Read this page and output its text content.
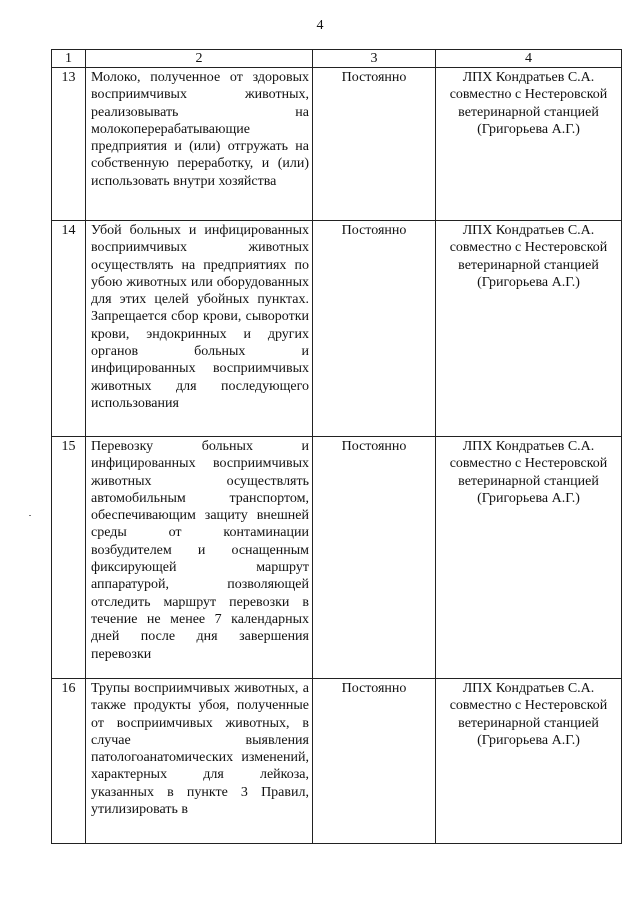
4
1	2	3	4
13	Молоко, полученное от здоровых восприимчивых животных, реализовывать на молокоперерабатывающие предприятия и (или) отгружать на собственную переработку, и (или) использовать внутри хозяйства	Постоянно	ЛПХ Кондратьев С.А. совместно с Нестеровской ветеринарной станцией (Григорьева А.Г.)
14	Убой больных и инфицированных восприимчивых животных осуществлять на предприятиях по убою животных или оборудованных для этих целей убойных пунктах. Запрещается сбор крови, сыворотки крови, эндокринных и других органов больных и инфицированных восприимчивых животных для последующего использования	Постоянно	ЛПХ Кондратьев С.А. совместно с Нестеровской ветеринарной станцией (Григорьева А.Г.)
15	Перевозку больных и инфицированных восприимчивых животных осуществлять автомобильным транспортом, обеспечивающим защиту внешней среды от контаминации возбудителем и оснащенным фиксирующей маршрут аппаратурой, позволяющей отследить маршрут перевозки в течение не менее 7 календарных дней после дня завершения перевозки	Постоянно	ЛПХ Кондратьев С.А. совместно с Нестеровской ветеринарной станцией (Григорьева А.Г.)
16	Трупы восприимчивых животных, а также продукты убоя, полученные от восприимчивых животных, в случае выявления патологоанатомических изменений, характерных для лейкоза, указанных в пункте 3 Правил, утилизировать в	Постоянно	ЛПХ Кондратьев С.А. совместно с Нестеровской ветеринарной станцией (Григорьева А.Г.)
